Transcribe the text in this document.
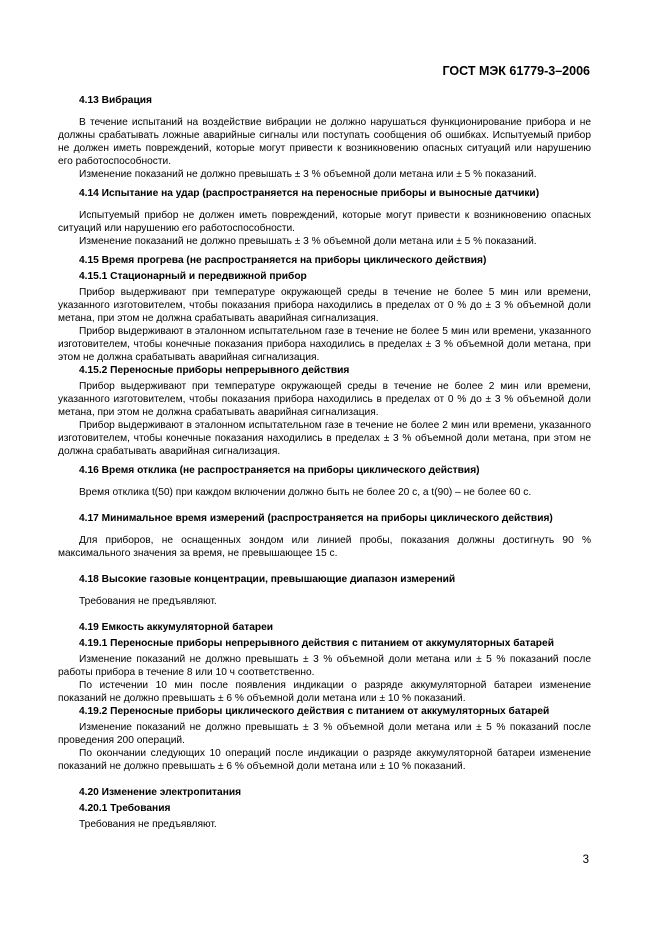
ГОСТ МЭК 61779-3–2006
4.13 Вибрация
В течение испытаний на воздействие вибрации не должно нарушаться функционирование прибора и не должны срабатывать ложные аварийные сигналы или поступать сообщения об ошибках. Испытуемый прибор не должен иметь повреждений, которые могут привести к возникновению опасных ситуаций или нарушению его работоспособности.
Изменение показаний не должно превышать ± 3 % объемной доли метана или ± 5 % показаний.
4.14 Испытание на удар (распространяется на переносные приборы и выносные датчики)
Испытуемый прибор не должен иметь повреждений, которые могут привести к возникновению опасных ситуаций или нарушению его работоспособности.
Изменение показаний не должно превышать ± 3 % объемной доли метана или ± 5 % показаний.
4.15 Время прогрева (не распространяется на приборы циклического действия)
4.15.1 Стационарный и передвижной прибор
Прибор выдерживают при температуре окружающей среды в течение не более 5 мин или времени, указанного изготовителем, чтобы показания прибора находились в пределах от 0 % до ± 3 % объемной доли метана, при этом не должна срабатывать аварийная сигнализация.
Прибор выдерживают в эталонном испытательном газе в течение не более 5 мин или времени, указанного изготовителем, чтобы конечные показания прибора находились в пределах ± 3 % объемной доли метана, при этом не должна срабатывать аварийная сигнализация.
4.15.2 Переносные приборы непрерывного действия
Прибор выдерживают при температуре окружающей среды в течение не более 2 мин или времени, указанного изготовителем, чтобы показания прибора находились в пределах от 0 % до ± 3 % объемной доли метана, при этом не должна срабатывать аварийная сигнализация.
Прибор выдерживают в эталонном испытательном газе в течение не более 2 мин или времени, указанного изготовителем, чтобы конечные показания находились в пределах ± 3 % объемной доли метана, при этом не должна срабатывать аварийная сигнализация.
4.16 Время отклика (не распространяется на приборы циклического действия)
Время отклика t(50) при каждом включении должно быть не более 20 с, а t(90) – не более 60 с.
4.17 Минимальное время измерений (распространяется на приборы циклического действия)
Для приборов, не оснащенных зондом или линией пробы, показания должны достигнуть 90 % максимального значения за время, не превышающее 15 с.
4.18 Высокие газовые концентрации, превышающие диапазон измерений
Требования не предъявляют.
4.19 Емкость аккумуляторной батареи
4.19.1 Переносные приборы непрерывного действия с питанием от аккумуляторных батарей
Изменение показаний не должно превышать ± 3 % объемной доли метана или ± 5 % показаний после работы прибора в течение 8 или 10 ч соответственно.
По истечении 10 мин после появления индикации о разряде аккумуляторной батареи изменение показаний не должно превышать ± 6 % объемной доли метана или ± 10 % показаний.
4.19.2 Переносные приборы циклического действия с питанием от аккумуляторных батарей
Изменение показаний не должно превышать ± 3 % объемной доли метана или ± 5 % показаний после проведения 200 операций.
По окончании следующих 10 операций после индикации о разряде аккумуляторной батареи изменение показаний не должно превышать ± 6 % объемной доли метана или ± 10 % показаний.
4.20 Изменение электропитания
4.20.1 Требования
Требования не предъявляют.
3
